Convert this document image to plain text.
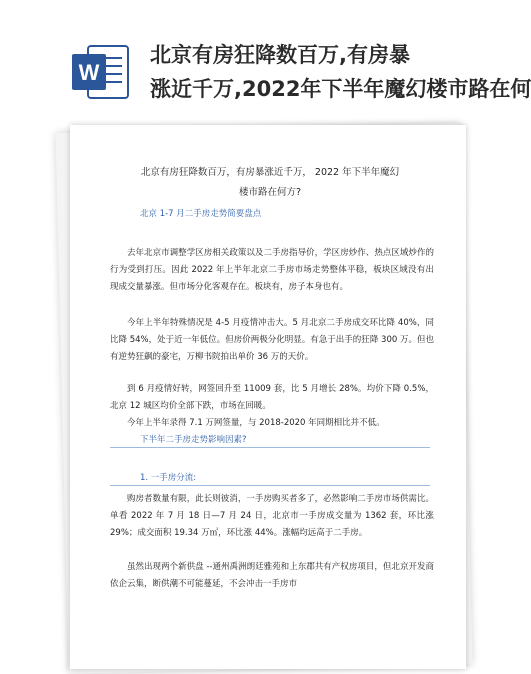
W
北京有房狂降数百万,有房暴
涨近千万,2022年下半年魔幻楼市路在何
北京有房狂降数百万，有房暴涨近千万， 2022 年下半年魔幻
楼市路在何方?
北京 1-7 月二手房走势简要盘点
去年北京市调整学区房相关政策以及二手房指导价，学区房炒作、热点区域炒作的行为受到打压。因此 2022 年上半年北京二手房市场走势整体平稳，板块区域没有出现成交量暴涨。但市场分化客观存在。板块有，房子本身也有。
今年上半年特殊情况是 4-5 月疫情冲击大。5 月北京二手房成交环比降 40%，同比降 54%，处于近一年低位。但房价两极分化明显。有急于出手的狂降 300 万。但也有逆势狂飙的豪宅，万柳书院拍出单价 36 万的天价。
到 6 月疫情好转，网签回升至 11009 套，比 5 月增长 28%。均价下降 0.5%，北京 12 城区均价全部下跌，市场在回暖。
今年上半年录得 7.1 万网签量，与 2018-2020 年同期相比并不低。
下半年二手房走势影响因素?
1. 一手房分流:
购房者数量有限，此长则彼消，一手房购买者多了，必然影响二手房市场供需比。单看 2022 年 7 月 18 日—7 月 24 日，北京市一手房成交量为 1362 套，环比涨 29%；成交面积 19.34 万㎡，环比涨 44%。涨幅均远高于二手房。
虽然出现两个新供盘 --通州禹洲朗廷雅苑和上东郡共有产权房项目，但北京开发商依企云集，断供潮不可能蔓延，不会冲击一手房市
